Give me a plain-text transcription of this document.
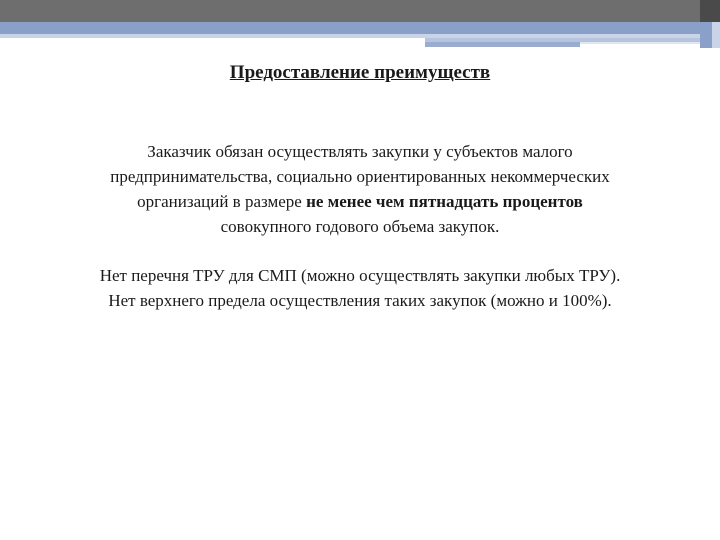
Предоставление преимуществ

Заказчик обязан осуществлять закупки у субъектов малого
предпринимательства, социально ориентированных некоммерческих
организаций в размере не менее чем пятнадцать процентов
совокупного годового объема закупок.

Нет перечня ТРУ для СМП (можно осуществлять закупки любых ТРУ).
Нет верхнего предела осуществления таких закупок (можно и 100%).
